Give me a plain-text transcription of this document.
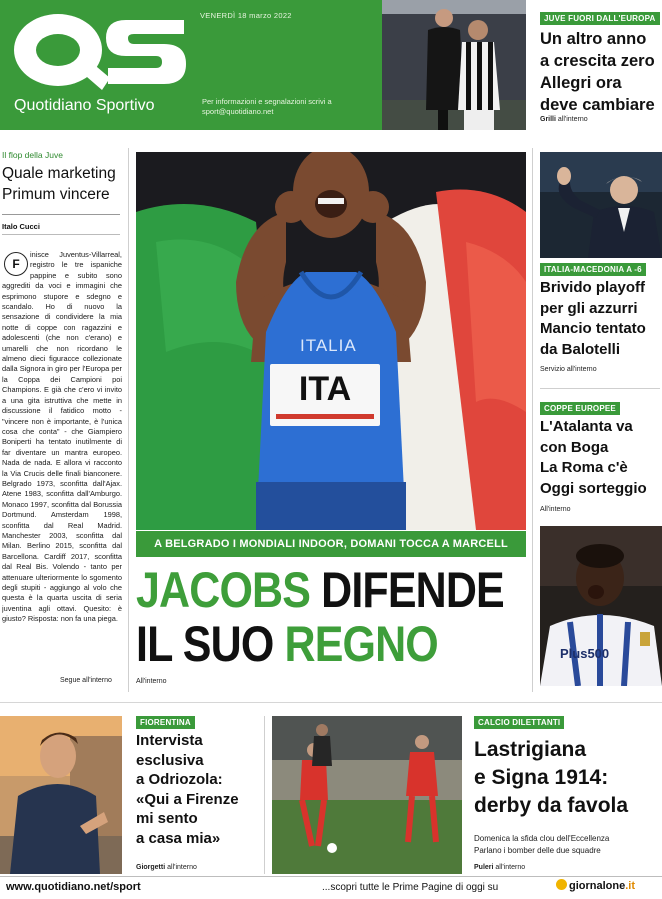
VENERDÌ 18 marzo 2022
Quotidiano Sportivo	Per informazioni e segnalazioni scrivi a
sport@quotidiano.net
JUVE FUORI DALL'EUROPA
Un altro anno
a crescita zero
Allegri ora
deve cambiare
Grilli all'interno
Il flop della Juve
Quale marketing
Primum vincere
Italo Cucci
F
inisce Juventus-Villarreal, registro le tre ispaniche pappine e subito sono aggrediti da voci e immagini che esprimono stupore e sdegno e scandalo. Ho di nuovo la sensazione di condividere la mia notte di coppe con ragazzini e adolescenti (che non c'erano) e umarelli che non ricordano le almeno dieci figuracce collezionate dalla Signora in giro per l'Europa per la Coppa dei Campioni poi Champions. E già che c'ero vi invito a una gita istruttiva che mette in discussione il fatidico motto - "vincere non è importante, è l'unica cosa che conta" - che Giampiero Boniperti ha tentato inutilmente di far diventare un mantra europeo. Nada de nada. E allora vi racconto la Via Crucis delle finali bianconere. Belgrado 1973, sconfitta dall'Ajax. Atene 1983, sconfitta dall'Amburgo. Monaco 1997, sconfitta dal Borussia Dortmund. Amsterdam 1998, sconfitta dal Real Madrid. Manchester 2003, sconfitta dal Milan. Berlino 2015, sconfitta dal Barcellona. Cardiff 2017, sconfitta dal Real Bis. Volendo - tanto per attenuare ulteriormente lo sgomento degli stupiti - aggiungo al volo che questa è la quarta uscita di seria juventina agli ottavi. Quesito: è giusto? Risposta: non fa una piega.
Segue all'interno
ITALIA
ITA
A BELGRADO I MONDIALI INDOOR, DOMANI TOCCA A MARCELL
JACOBS DIFENDE
IL SUO REGNO
All'interno
ITALIA-MACEDONIA A -6
Brivido playoff
per gli azzurri
Mancio tentato
da Balotelli
Servizio all'interno
COPPE EUROPEE
L'Atalanta va
con Boga
La Roma c'è
Oggi sorteggio
All'interno
Plus500
FIORENTINA
Intervista
esclusiva
a Odriozola:
«Qui a Firenze
mi sento
a casa mia»
Giorgetti all'interno
CALCIO DILETTANTI
Lastrigiana
e Signa 1914:
derby da favola
Domenica la sfida clou dell'Eccellenza
Parlano i bomber delle due squadre
Puleri all'interno
www.quotidiano.net/sport	...scopri tutte le Prime Pagine di oggi su	giornalone.it
